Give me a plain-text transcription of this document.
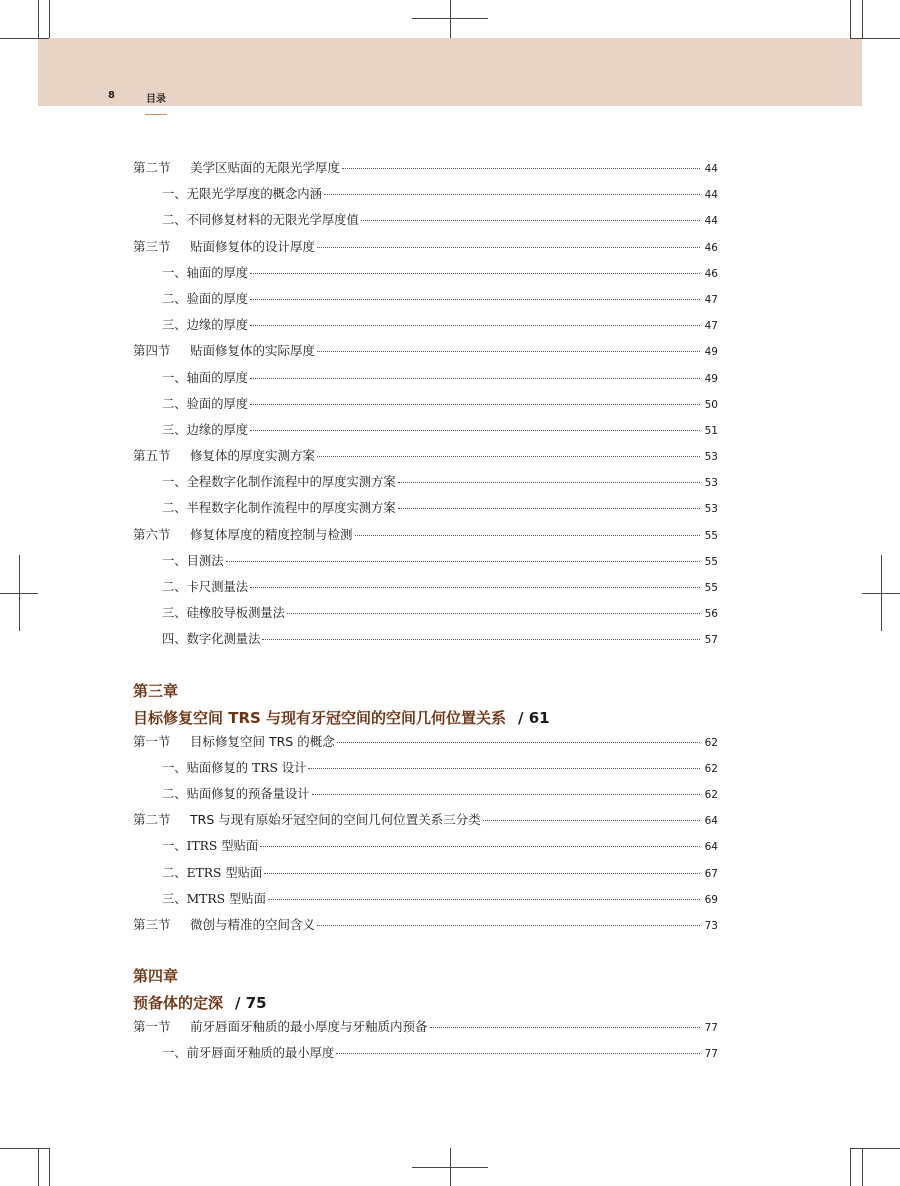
8	目录
第二节 美学区贴面的无限光学厚度	44
一、无限光学厚度的概念内涵	44
二、不同修复材料的无限光学厚度值	44
第三节 贴面修复体的设计厚度	46
一、轴面的厚度	46
二、验面的厚度	47
三、边缘的厚度	47
第四节 贴面修复体的实际厚度	49
一、轴面的厚度	49
二、验面的厚度	50
三、边缘的厚度	51
第五节 修复体的厚度实测方案	53
一、全程数字化制作流程中的厚度实测方案	53
二、半程数字化制作流程中的厚度实测方案	53
第六节 修复体厚度的精度控制与检测	55
一、目测法	55
二、卡尺测量法	55
三、硅橡胶导板测量法	56
四、数字化测量法	57
第三章
目标修复空间 TRS 与现有牙冠空间的空间几何位置关系 / 61
第一节 目标修复空间 TRS 的概念	62
一、贴面修复的 TRS 设计	62
二、贴面修复的预备量设计	62
第二节 TRS 与现有原始牙冠空间的空间几何位置关系三分类	64
一、ITRS 型贴面	64
二、ETRS 型贴面	67
三、MTRS 型贴面	69
第三节 微创与精准的空间含义	73
第四章
预备体的定深 / 75
第一节 前牙唇面牙釉质的最小厚度与牙釉质内预备	77
一、前牙唇面牙釉质的最小厚度	77
